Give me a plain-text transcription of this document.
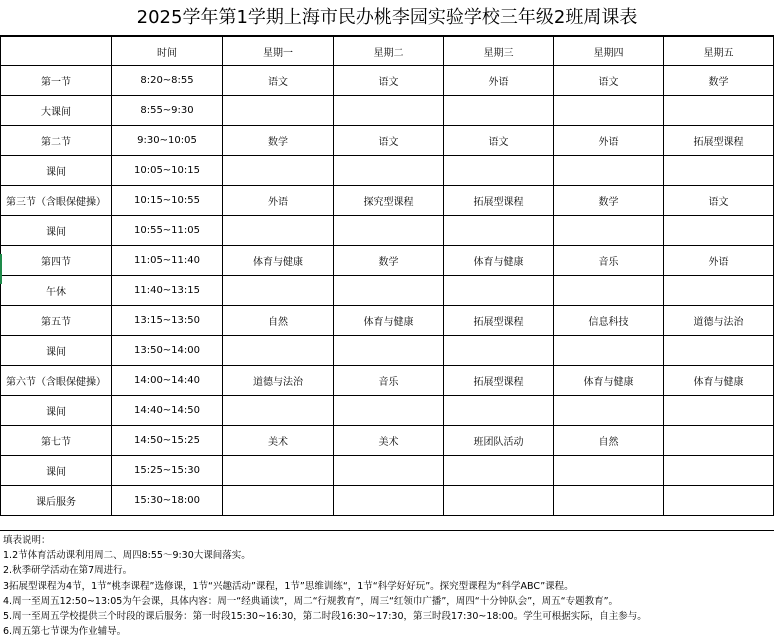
2025学年第1学期上海市民办桃李园实验学校三年级2班周课表
	时间	星期一	星期二	星期三	星期四	星期五
第一节	8:20~8:55	语文	语文	外语	语文	数学
大课间	8:55~9:30					
第二节	9:30~10:05	数学	语文	语文	外语	拓展型课程
课间	10:05~10:15					
第三节（含眼保健操）	10:15~10:55	外语	探究型课程	拓展型课程	数学	语文
课间	10:55~11:05					
第四节	11:05~11:40	体育与健康	数学	体育与健康	音乐	外语
午休	11:40~13:15					
第五节	13:15~13:50	自然	体育与健康	拓展型课程	信息科技	道德与法治
课间	13:50~14:00					
第六节（含眼保健操）	14:00~14:40	道德与法治	音乐	拓展型课程	体育与健康	体育与健康
课间	14:40~14:50					
第七节	14:50~15:25	美术	美术	班团队活动	自然	
课间	15:25~15:30					
课后服务	15:30~18:00					
填表说明：
1.2节体育活动课利用周二、周四8:55～9:30大课间落实。
2.秋季研学活动在第7周进行。
3拓展型课程为4节，1节“桃李课程”选修课，1节“兴趣活动”课程，1节”思维训练“，1节“科学好好玩”。探究型课程为“科学ABC”课程。
4.周一至周五12:50~13:05为午会课，具体内容：周一“经典诵读”，周二“行规教育”，周三“红领巾广播”，周四“十分钟队会”，周五“专题教育”。
5.周一至周五学校提供三个时段的课后服务：第一时段15:30~16:30，第二时段16:30~17:30，第三时段17:30~18:00。学生可根据实际，自主参与。
6.周五第七节课为作业辅导。
